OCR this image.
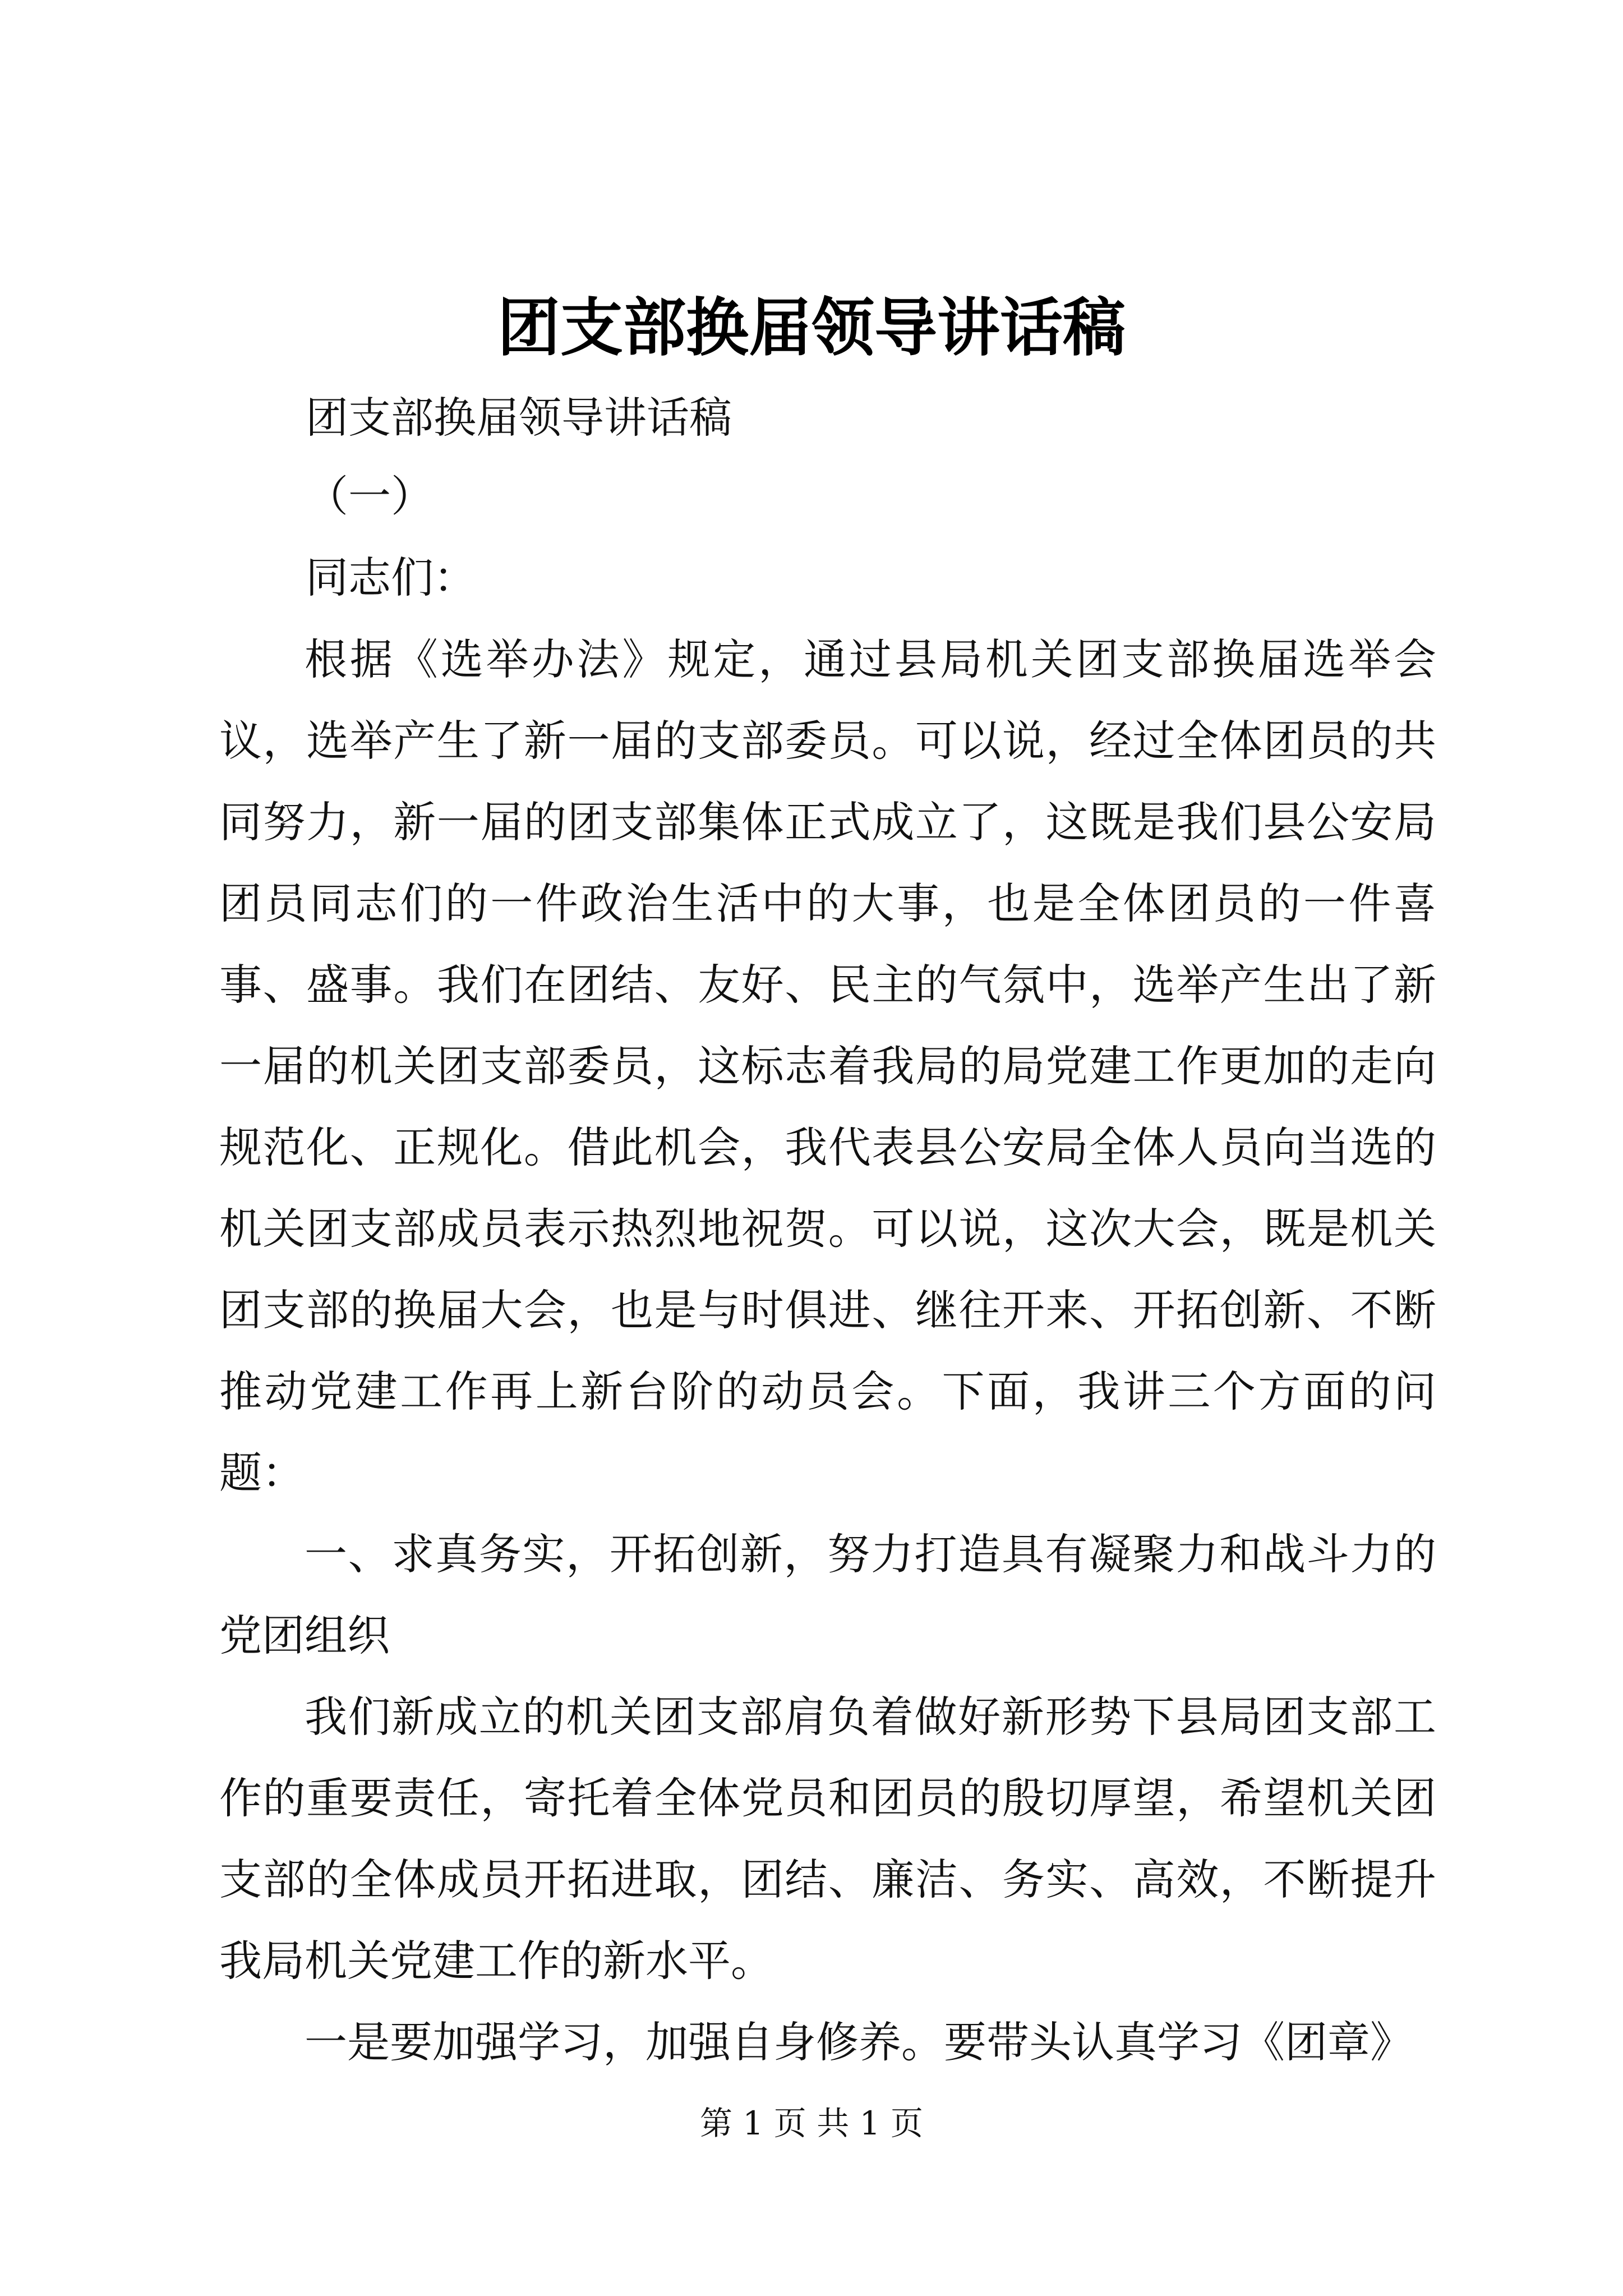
团支部换届领导讲话稿
团支部换届领导讲话稿
（一）
同志们：

根据《选举办法》规定，通过县局机关团支部换届选举会议，选举产生了新一届的支部委员。可以说，经过全体团员的共同努力，新一届的团支部集体正式成立了，这既是我们县公安局团员同志们的一件政治生活中的大事，也是全体团员的一件喜事、盛事。我们在团结、友好、民主的气氛中，选举产生出了新一届的机关团支部委员，这标志着我局的局党建工作更加的走向规范化、正规化。借此机会，我代表县公安局全体人员向当选的机关团支部成员表示热烈地祝贺。可以说，这次大会，既是机关团支部的换届大会，也是与时俱进、继往开来、开拓创新、不断推动党建工作再上新台阶的动员会。下面，我讲三个方面的问题：

一、求真务实，开拓创新，努力打造具有凝聚力和战斗力的党团组织

我们新成立的机关团支部肩负着做好新形势下县局团支部工作的重要责任，寄托着全体党员和团员的殷切厚望，希望机关团支部的全体成员开拓进取，团结、廉洁、务实、高效，不断提升我局机关党建工作的新水平。

一是要加强学习，加强自身修养。要带头认真学习《团章》

第 1 页 共 1 页
